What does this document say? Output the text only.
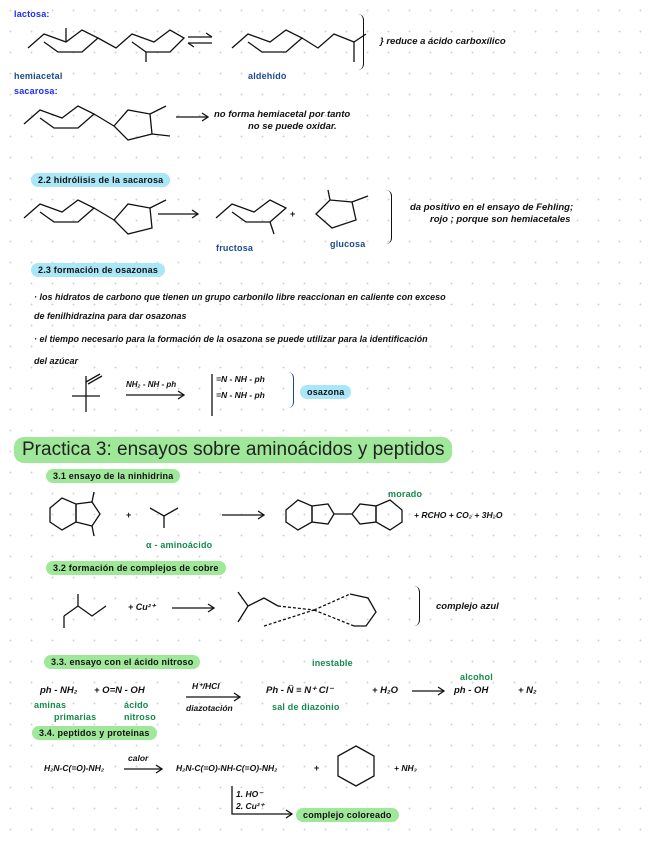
lactosa:
hemiacetal	aldehído
} reduce a ácido carboxílico
sacarosa:
no forma hemiacetal por tanto
no se puede oxidar.
2.2 hidrólisis de la sacarosa
+
fructosa	glucosa
da positivo en el ensayo de Fehling;
rojo ; porque son hemiacetales
2.3 formación de osazonas
· los hidratos de carbono que tienen un grupo carbonilo libre reaccionan en caliente con exceso
de fenilhidrazina para dar osazonas
· el tiempo necesario para la formación de la osazona se puede utilizar para la identificación
del azúcar
NH₂ - NH - ph
=N - NH - ph
=N - NH - ph	osazona
Practica 3: ensayos sobre aminoácidos y peptidos
3.1 ensayo de la ninhidrina
+
α - aminoácido
morado
+ RCHO + CO₂ + 3H₂O
3.2 formación de complejos de cobre
+ Cu²⁺	complejo azul
3.3. ensayo con el ácido nitroso	inestable
alcohol
ph - NH₂ + O=N - OH
aminas
primarias
ácido
nitroso
H⁺/HCl
diazotación
Ph - N̈ ≡ N⁺ Cl⁻
sal de diazonio
+ H₂O	ph - OH	+ N₂
3.4. peptidos y proteinas
H₂N-C(=O)-NH₂
calor
H₂N-C(=O)-NH-C(=O)-NH₂	+	+ NH₃
1. HO⁻
2. Cu²⁺
complejo coloreado
